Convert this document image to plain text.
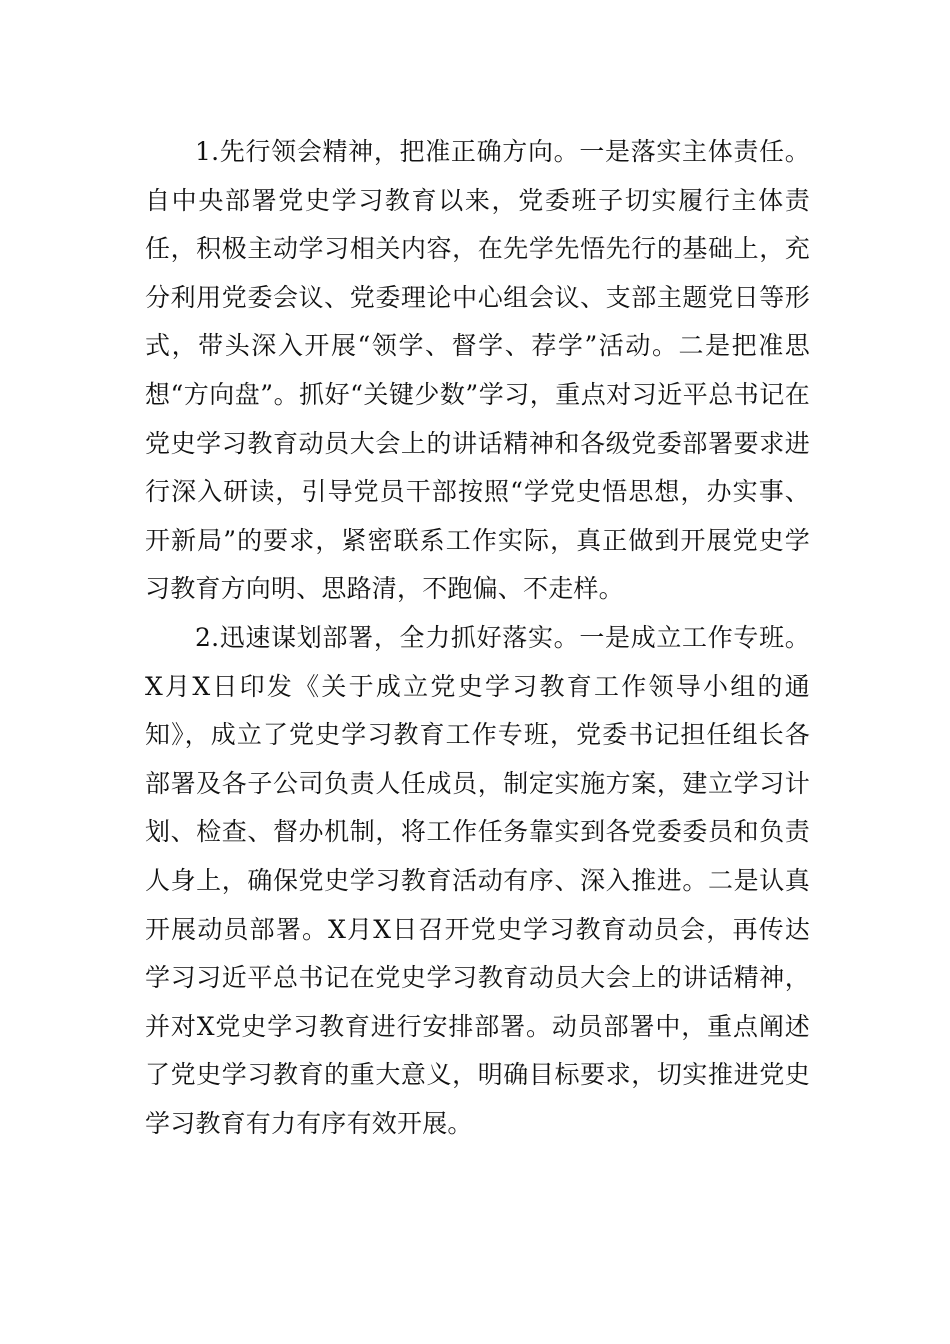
1.先行领会精神，把准正确方向。一是落实主体责任。自中央部署党史学习教育以来，党委班子切实履行主体责任，积极主动学习相关内容，在先学先悟先行的基础上，充分利用党委会议、党委理论中心组会议、支部主题党日等形式，带头深入开展“领学、督学、荐学”活动。二是把准思想“方向盘”。抓好“关键少数”学习，重点对习近平总书记在党史学习教育动员大会上的讲话精神和各级党委部署要求进行深入研读，引导党员干部按照“学党史悟思想，办实事、开新局”的要求，紧密联系工作实际，真正做到开展党史学习教育方向明、思路清，不跑偏、不走样。

2.迅速谋划部署，全力抓好落实。一是成立工作专班。X月X日印发《关于成立党史学习教育工作领导小组的通知》，成立了党史学习教育工作专班，党委书记担任组长各部署及各子公司负责人任成员，制定实施方案，建立学习计划、检查、督办机制，将工作任务靠实到各党委委员和负责人身上，确保党史学习教育活动有序、深入推进。二是认真开展动员部署。X月X日召开党史学习教育动员会，再传达学习习近平总书记在党史学习教育动员大会上的讲话精神，并对X党史学习教育进行安排部署。动员部署中，重点阐述了党史学习教育的重大意义，明确目标要求，切实推进党史学习教育有力有序有效开展。
